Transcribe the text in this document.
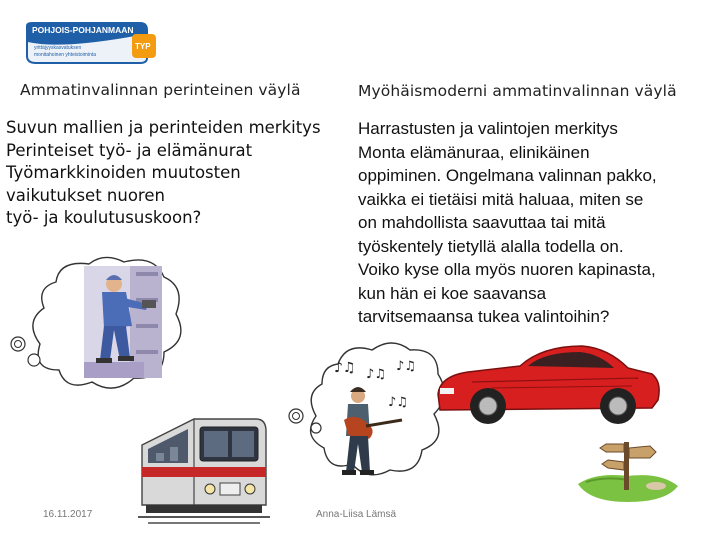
POHJOIS-POHJANMAAN
yrittäjyyskasvatuksen
monitahoinen yhteistoiminta
TYP
Ammatinvalinnan perinteinen väylä	Myöhäismoderni ammatinvalinnan väylä
Suvun mallien ja perinteiden merkitys
Perinteiset työ- ja elämänurat
Työmarkkinoiden muutosten
vaikutukset nuoren
työ- ja koulutususkoon?
Harrastusten ja valintojen merkitys
Monta elämänuraa, elinikäinen
oppiminen. Ongelmana valinnan pakko,
vaikka ei tietäisi mitä haluaa, miten se
on mahdollista saavuttaa tai mitä
työskentely tietyllä alalla todella on.
Voiko kyse olla myös nuoren kapinasta,
kun hän ei koe saavansa
tarvitsemaansa tukea valintoihin?
♪♫ ♪♫
♪♫
♪♫
16.11.2017	Anna-Liisa Lämsä
